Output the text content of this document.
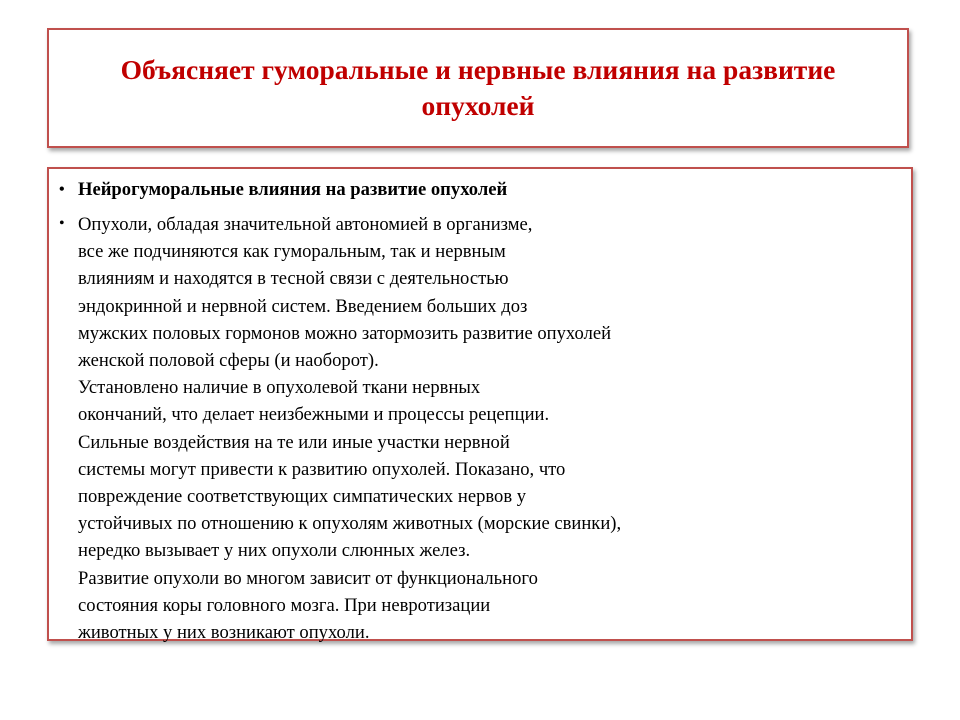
Объясняет гуморальные и нервные влияния на развитие опухолей
• Нейрогуморальные влияния на развитие опухолей
• Опухоли, обладая значительной автономией в организме,
все же подчиняются как гуморальным, так и нервным
влияниям и находятся в тесной связи с деятельностью
эндокринной и нервной систем. Введением больших доз
мужских половых гормонов можно затормозить развитие опухолей
женской половой сферы (и наоборот).
Установлено наличие в опухолевой ткани нервных
окончаний, что делает неизбежными и процессы рецепции.
Сильные воздействия на те или иные участки нервной
системы могут привести к развитию опухолей. Показано, что
повреждение соответствующих симпатических нервов у
устойчивых по отношению к опухолям животных (морские свинки),
нередко вызывает у них опухоли слюнных желез.
Развитие опухоли во многом зависит от функционального
состояния коры головного мозга. При невротизации
животных у них возникают опухоли.
